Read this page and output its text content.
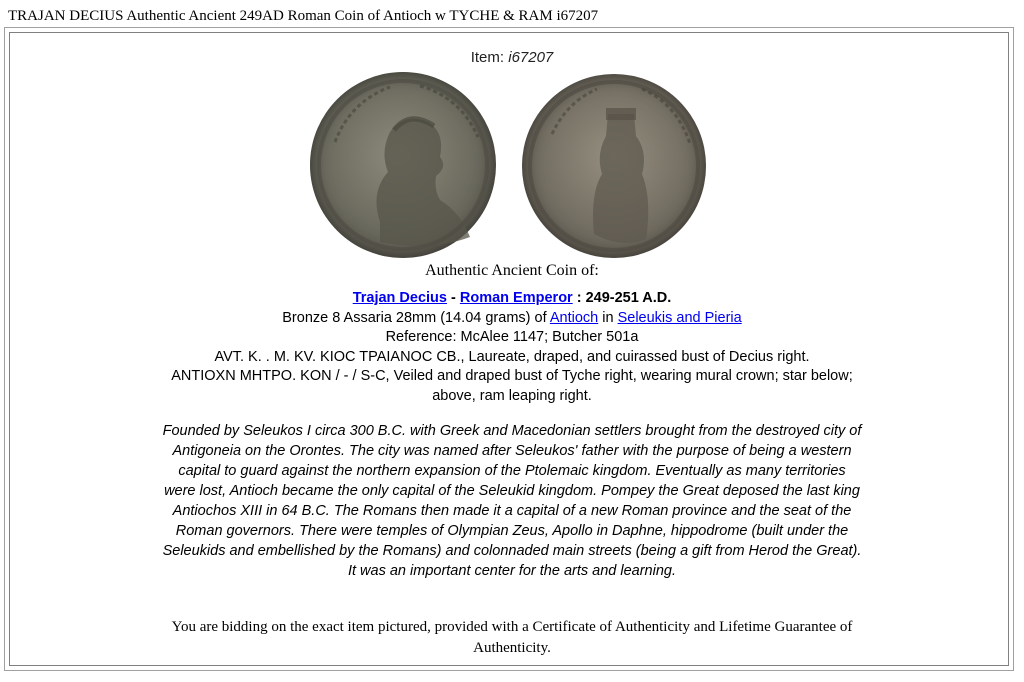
TRAJAN DECIUS Authentic Ancient 249AD Roman Coin of Antioch w TYCHE & RAM i67207
Item: i67207
Authentic Ancient Coin of:
Trajan Decius - Roman Emperor : 249-251 A.D.
Bronze 8 Assaria 28mm (14.04 grams) of Antioch in Seleukis and Pieria
Reference: McAlee 1147; Butcher 501a
AVT. K. . M. KV. KIOC TPAIANOC CB., Laureate, draped, and cuirassed bust of Decius right.
ANTIOXN MHTPO. KON / - / S-C, Veiled and draped bust of Tyche right, wearing mural crown; star below; above, ram leaping right.
Founded by Seleukos I circa 300 B.C. with Greek and Macedonian settlers brought from the destroyed city of Antigoneia on the Orontes. The city was named after Seleukos' father with the purpose of being a western capital to guard against the northern expansion of the Ptolemaic kingdom. Eventually as many territories were lost, Antioch became the only capital of the Seleukid kingdom. Pompey the Great deposed the last king Antiochos XIII in 64 B.C. The Romans then made it a capital of a new Roman province and the seat of the Roman governors. There were temples of Olympian Zeus, Apollo in Daphne, hippodrome (built under the Seleukids and embellished by the Romans) and colonnaded main streets (being a gift from Herod the Great). It was an important center for the arts and learning.
You are bidding on the exact item pictured, provided with a Certificate of Authenticity and Lifetime Guarantee of Authenticity.
